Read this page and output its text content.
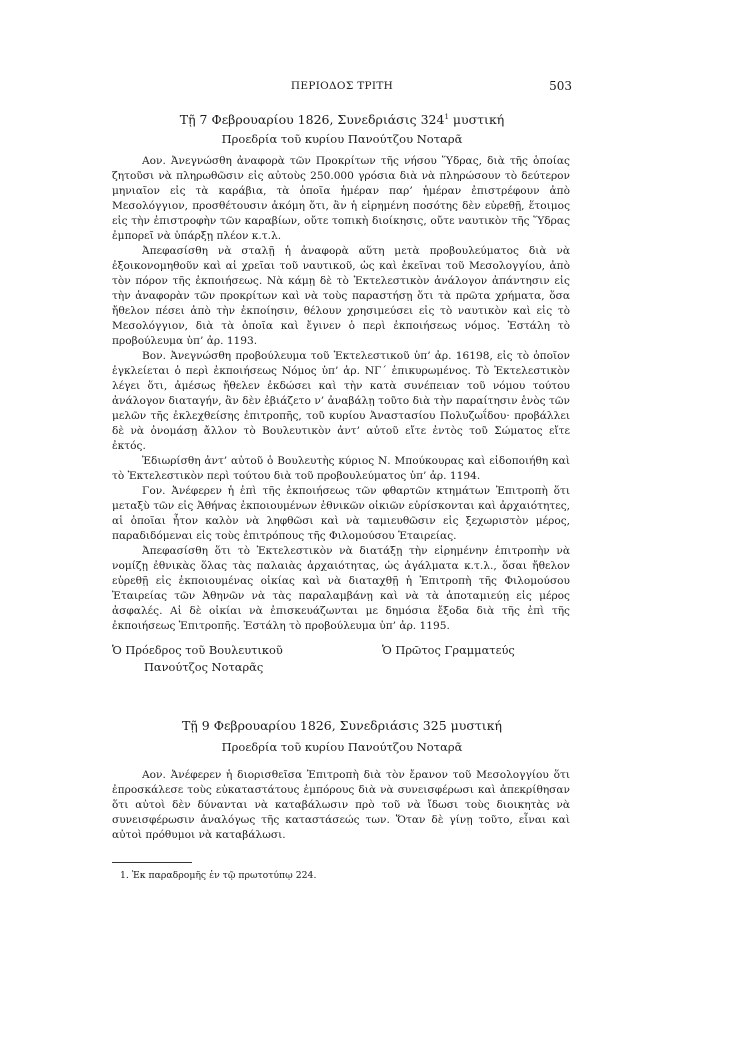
ΠΕΡΙΟΔΟΣ ΤΡΙΤΗ	503
Τῇ 7 Φεβρουαρίου 1826, Συνεδριάσις $324^1$ μυστική
Προεδρία τοῦ κυρίου Πανούτζου Νοταρᾶ

Αον. Ἀνεγνώσθη ἀναφορὰ τῶν Προκρίτων τῆς νήσου Ὕδρας, διὰ τῆς ὁποίας ζητοῦσι νὰ πληρωθῶσιν εἰς αὐτοὺς 250.000 γρόσια διὰ νὰ πληρώσουν τὸ δεύτερον μηνιαῖον εἰς τὰ καράβια, τὰ ὁποῖα ἡμέραν παρ’ ἡμέραν ἐπιστρέφουν ἀπὸ Μεσολόγγιον, προσθέτουσιν ἀκόμη ὅτι, ἂν ἡ εἰρημένη ποσότης δὲν εὑρεθῇ, ἕτοιμος εἰς τὴν ἐπιστροφὴν τῶν καραβίων, οὔτε τοπικὴ διοίκησις, οὔτε ναυτικὸν τῆς Ὕδρας ἐμπορεῖ νὰ ὑπάρξῃ πλέον κ.τ.λ.

Ἀπεφασίσθη νὰ σταλῇ ἡ ἀναφορὰ αὕτη μετὰ προβουλεύματος διὰ νὰ ἐξοικονομηθοῦν καὶ αἱ χρεῖαι τοῦ ναυτικοῦ, ὡς καὶ ἐκεῖναι τοῦ Μεσολογγίου, ἀπὸ τὸν πόρον τῆς ἐκποιήσεως. Νὰ κάμῃ δὲ τὸ Ἐκτελεστικὸν ἀνάλογον ἀπάντησιν εἰς τὴν ἀναφορὰν τῶν προκρίτων καὶ νὰ τοὺς παραστήσῃ ὅτι τὰ πρῶτα χρήματα, ὅσα ἤθελον πέσει ἀπὸ τὴν ἐκποίησιν, θέλουν χρησιμεύσει εἰς τὸ ναυτικὸν καὶ εἰς τὸ Μεσολόγγιον, διὰ τὰ ὁποῖα καὶ ἔγινεν ὁ περὶ ἐκποιήσεως νόμος. Ἐστάλη τὸ προβούλευμα ὑπ’ ἀρ. 1193.

Βον. Ἀνεγνώσθη προβούλευμα τοῦ Ἐκτελεστικοῦ ὑπ’ ἀρ. 16198, εἰς τὸ ὁποῖον ἐγκλείεται ὁ περὶ ἐκποιήσεως Νόμος ὑπ’ ἀρ. ΝΓ´ ἐπικυρωμένος. Τὸ Ἐκτελεστικὸν λέγει ὅτι, ἀμέσως ἤθελεν ἐκδώσει καὶ τὴν κατὰ συνέπειαν τοῦ νόμου τούτου ἀνάλογον διαταγήν, ἂν δὲν ἐβιάζετο ν’ ἀναβάλῃ τοῦτο διὰ τὴν παραίτησιν ἑνὸς τῶν μελῶν τῆς ἐκλεχθείσης ἐπιτροπῆς, τοῦ κυρίου Ἀναστασίου Πολυζωΐδου· προβάλλει δὲ νὰ ὀνομάσῃ ἄλλον τὸ Βουλευτικὸν ἀντ’ αὐτοῦ εἴτε ἐντὸς τοῦ Σώματος εἴτε ἐκτός.

Ἐδιωρίσθη ἀντ’ αὐτοῦ ὁ Βουλευτὴς κύριος Ν. Μπούκουρας καὶ εἰδοποιήθη καὶ τὸ Ἐκτελεστικὸν περὶ τούτου διὰ τοῦ προβουλεύματος ὑπ’ ἀρ. 1194.

Γον. Ἀνέφερεν ἡ ἐπὶ τῆς ἐκποιήσεως τῶν φθαρτῶν κτημάτων Ἐπιτροπὴ ὅτι μεταξὺ τῶν εἰς Ἀθήνας ἐκποιουμένων ἐθνικῶν οἰκιῶν εὑρίσκονται καὶ ἀρχαιότητες, αἱ ὁποῖαι ἦτον καλὸν νὰ ληφθῶσι καὶ νὰ ταμιευθῶσιν εἰς ξεχωριστὸν μέρος, παραδιδόμεναι εἰς τοὺς ἐπιτρόπους τῆς Φιλομούσου Ἑταιρείας.

Ἀπεφασίσθη ὅτι τὸ Ἐκτελεστικὸν νὰ διατάξῃ τὴν εἰρημένην ἐπιτροπὴν νὰ νομίζῃ ἐθνικὰς ὅλας τὰς παλαιὰς ἀρχαιότητας, ὡς ἀγάλματα κ.τ.λ., ὅσαι ἤθελον εὑρεθῇ εἰς ἐκποιουμένας οἰκίας καὶ νὰ διαταχθῇ ἡ Ἐπιτροπὴ τῆς Φιλομούσου Ἑταιρείας τῶν Ἀθηνῶν νὰ τὰς παραλαμβάνῃ καὶ νὰ τὰ ἀποταμιεύῃ εἰς μέρος ἀσφαλές. Αἱ δὲ οἰκίαι νὰ ἐπισκευάζωνται με δημόσια ἔξοδα διὰ τῆς ἐπὶ τῆς ἐκποιήσεως Ἐπιτροπῆς. Ἐστάλη τὸ προβούλευμα ὑπ’ ἀρ. 1195.

Ὁ Πρόεδρος τοῦ Βουλευτικοῦ
Πανούτζος Νοταρᾶς
Ὁ Πρῶτος Γραμματεύς
Τῇ 9 Φεβρουαρίου 1826, Συνεδριάσις 325 μυστική
Προεδρία τοῦ κυρίου Πανούτζου Νοταρᾶ

Αον. Ἀνέφερεν ἡ διορισθεῖσα Ἐπιτροπὴ διὰ τὸν ἔρανον τοῦ Μεσολογγίου ὅτι ἐπροσκάλεσε τοὺς εὐκαταστάτους ἐμπόρους διὰ νὰ συνεισφέρωσι καὶ ἀπεκρίθησαν ὅτι αὐτοὶ δὲν δύνανται νὰ καταβάλωσιν πρὸ τοῦ νὰ ἴδωσι τοὺς διοικητὰς νὰ συνεισφέρωσιν ἀναλόγως τῆς καταστάσεώς των. Ὅταν δὲ γίνῃ τοῦτο, εἶναι καὶ αὐτοὶ πρόθυμοι νὰ καταβάλωσι.

1. Ἐκ παραδρομῆς ἐν τῷ πρωτοτύπῳ 224.
